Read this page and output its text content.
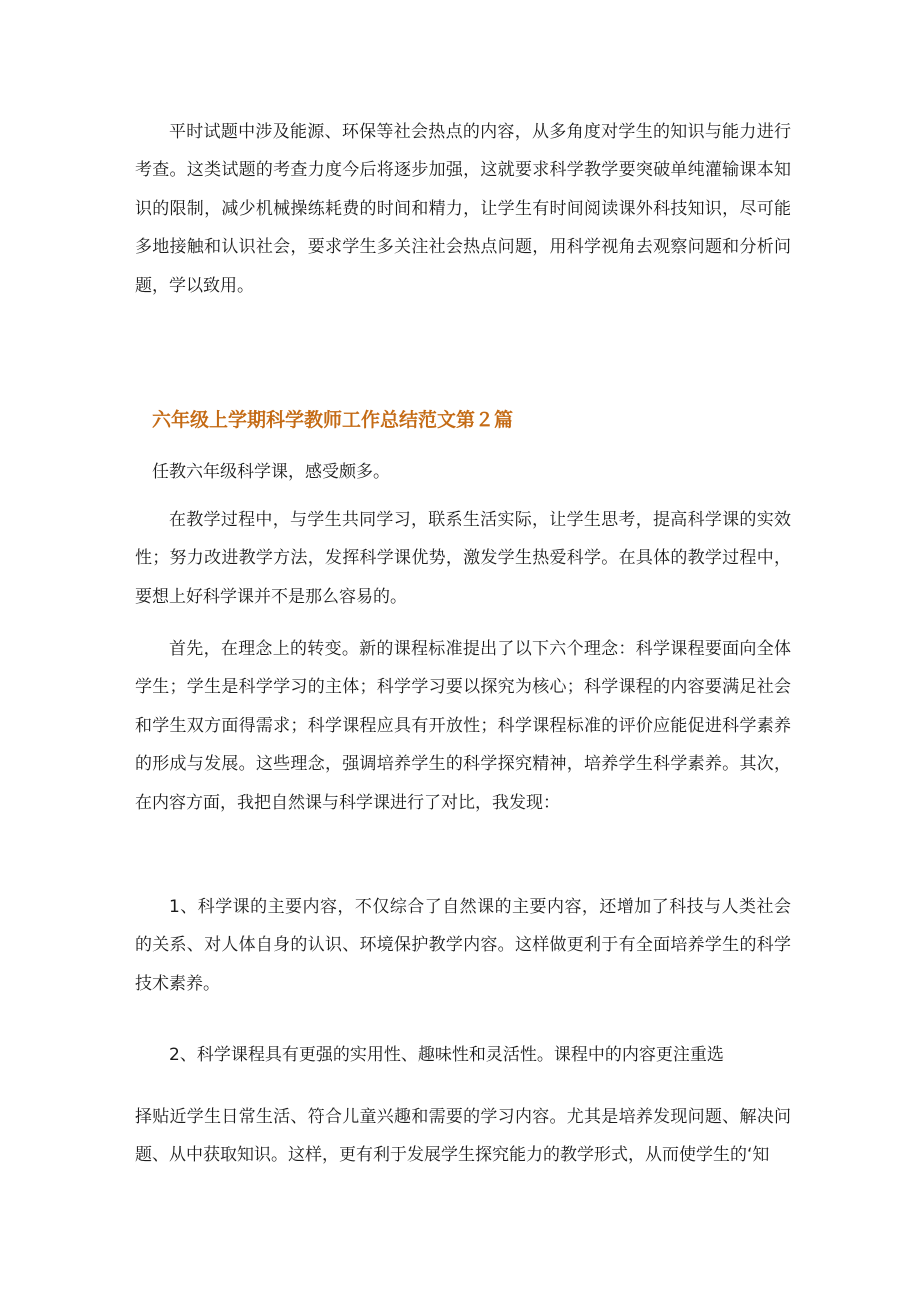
平时试题中涉及能源、环保等社会热点的内容，从多角度对学生的知识与能力进行考查。这类试题的考查力度今后将逐步加强，这就要求科学教学要突破单纯灌输课本知识的限制，减少机械操练耗费的时间和精力，让学生有时间阅读课外科技知识，尽可能多地接触和认识社会，要求学生多关注社会热点问题，用科学视角去观察问题和分析问题，学以致用。

六年级上学期科学教师工作总结范文第２篇

任教六年级科学课，感受颇多。

在教学过程中，与学生共同学习，联系生活实际，让学生思考，提高科学课的实效性；努力改进教学方法，发挥科学课优势，激发学生热爱科学。在具体的教学过程中，要想上好科学课并不是那么容易的。

首先，在理念上的转变。新的课程标准提出了以下六个理念：科学课程要面向全体学生；学生是科学学习的主体；科学学习要以探究为核心；科学课程的内容要满足社会和学生双方面得需求；科学课程应具有开放性；科学课程标准的评价应能促进科学素养的形成与发展。这些理念，强调培养学生的科学探究精神，培养学生科学素养。其次，在内容方面，我把自然课与科学课进行了对比，我发现：

1、科学课的主要内容，不仅综合了自然课的主要内容，还增加了科技与人类社会的关系、对人体自身的认识、环境保护教学内容。这样做更利于有全面培养学生的科学技术素养。

2、科学课程具有更强的实用性、趣味性和灵活性。课程中的内容更注重选

择贴近学生日常生活、符合儿童兴趣和需要的学习内容。尤其是培养发现问题、解决问题、从中获取知识。这样，更有利于发展学生探究能力的教学形式，从而使学生的‘知
